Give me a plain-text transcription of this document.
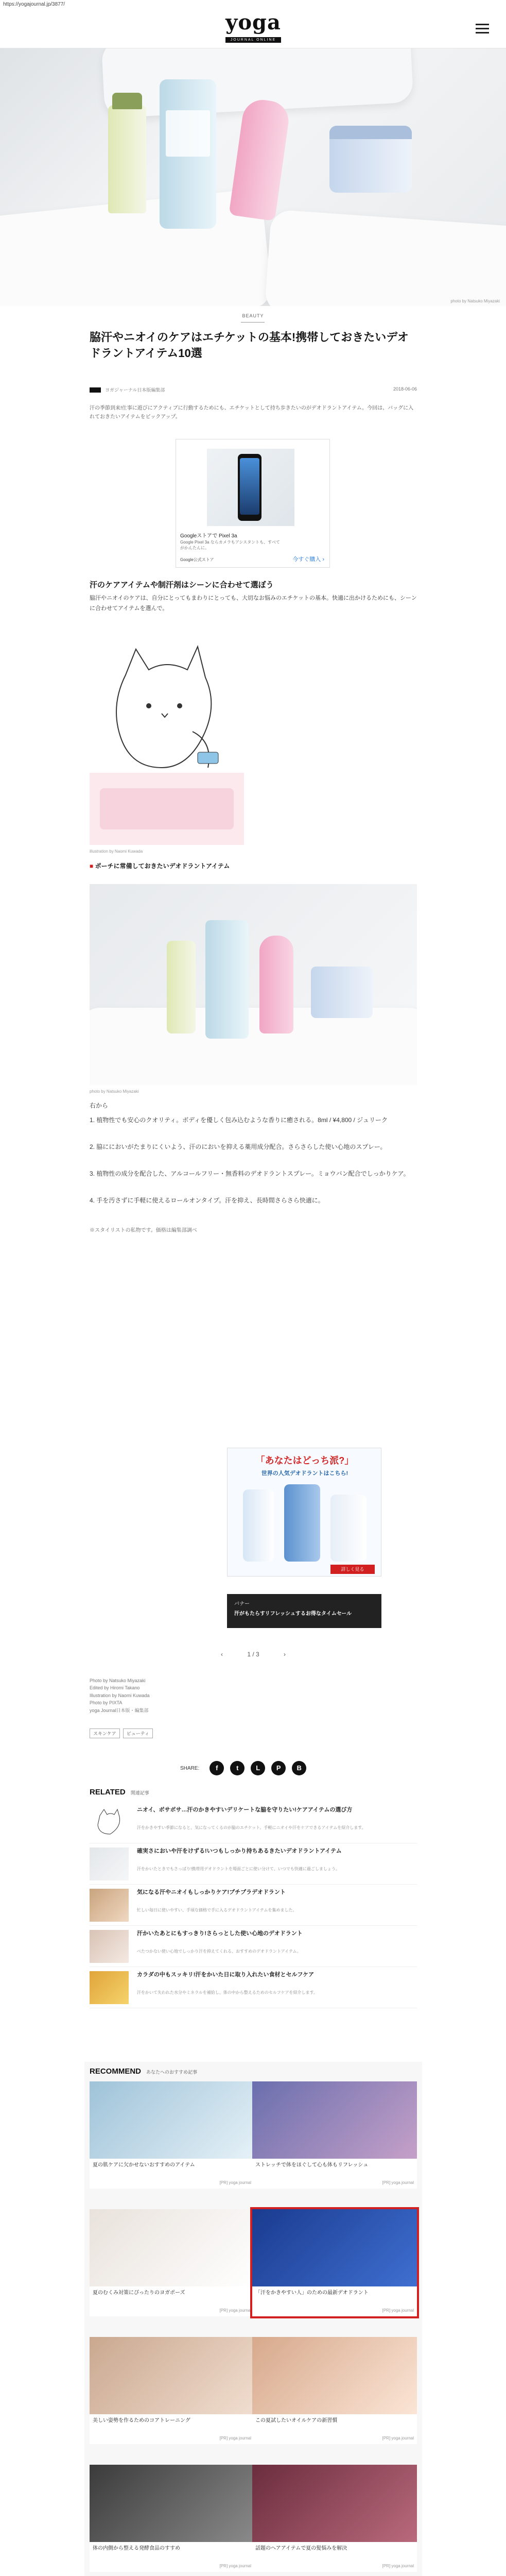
https://yogajournal.jp/3877/
yoga
JOURNAL ONLINE
photo by Natsuko Miyazaki
BEAUTY
脇汗やニオイのケアはエチケットの基本!携帯しておきたいデオドラントアイテム10選
ヨガジャーナル日本版編集部	2018-06-06

汗の季節到来!仕事に遊びにアクティブに行動するためにも、エチケットとして持ち歩きたいのがデオドラントアイテム。今回は、バッグに入れておきたいアイテムをピックアップ。

Googleストアで Pixel 3a
Google Pixel 3a ならカメラもアシスタントも、すべてがかんたんに。
Google公式ストア	今すぐ購入 ›
汗のケアアイテムや制汗剤はシーンに合わせて選ぼう

脇汗やニオイのケアは、自分にとってもまわりにとっても、大切なお悩みのエチケットの基本。快適に出かけるためにも、シーンに合わせてアイテムを選んで。

illustration by Naomi Kuwada
■ ポーチに常備しておきたいデオドラントアイテム
photo by Natsuko Miyazaki

右から

1. 植物性でも安心のクオリティ。ボディを優しく包み込むような香りに癒される。8ml / ¥4,800 / ジュリーク

2. 脇ににおいがたまりにくいよう、汗のにおいを抑える薬用成分配合。さらさらした使い心地のスプレー。

3. 植物性の成分を配合した、アルコールフリー・無香料のデオドラントスプレー。ミョウバン配合でしっかりケア。

4. 手を汚さずに手軽に使えるロールオンタイプ。汗を抑え、長時間さらさら快適に。

※スタイリストの私物です。価格は編集部調べ

「あなたはどっち派?」
世界の人気デオドラントはこちら!
詳しく見る
バナー
汗がもたらすリフレッシュするお得なタイムセール
‹	1 / 3	›
Photo by Natsuko Miyazaki
Edited by Hiromi Takano
Illustration by Naomi Kuwada
Photo by PIXTA
yoga Journal日本版・編集部
スキンケア	ビューティ
SHARE:	f	t	L	P	B
RELATED 関連記事
ニオイ、ボサボサ…汗のかきやすいデリケートな脇を守りたい!ケアアイテムの選び方
汗をかきやすい季節になると、気になってくるのが脇のエチケット。手軽にニオイや汗をケアできるアイテムを紹介します。
確実さにおいや汗をけずる!いつもしっかり持ちあるきたいデオドラントアイテム
汗をかいたときでもさっぱり!携帯用デオドラントを場面ごとに使い分けて、いつでも快適に過ごしましょう。
気になる汗やニオイもしっかりケア!プチプラデオドラント
忙しい毎日に使いやすい、手頃な価格で手に入るデオドラントアイテムを集めました。
汗かいたあとにもすっきり!さらっとした使い心地のデオドラント
べたつかない使い心地でしっかり汗を抑えてくれる、おすすめのデオドラントアイテム。
カラダの中もスッキリ!汗をかいた日に取り入れたい食材とセルフケア
汗をかいて失われた水分やミネラルを補給し、体の中から整えるためのセルフケアを紹介します。
RECOMMEND あなたへのおすすめ記事
夏の肌ケアに欠かせないおすすめのアイテム
[PR] yoga journal
ストレッチで体をほぐして心も体もリフレッシュ
[PR] yoga journal
夏のむくみ対策にぴったりのヨガポーズ
[PR] yoga journal
「汗をかきやすい人」のための最新デオドラント
[PR] yoga journal
美しい姿勢を作るためのコアトレーニング
[PR] yoga journal
この夏試したいオイルケアの新習慣
[PR] yoga journal
体の内側から整える発酵食品のすすめ
[PR] yoga journal
話題のヘアアイテムで夏の髪悩みを解決
[PR] yoga journal
